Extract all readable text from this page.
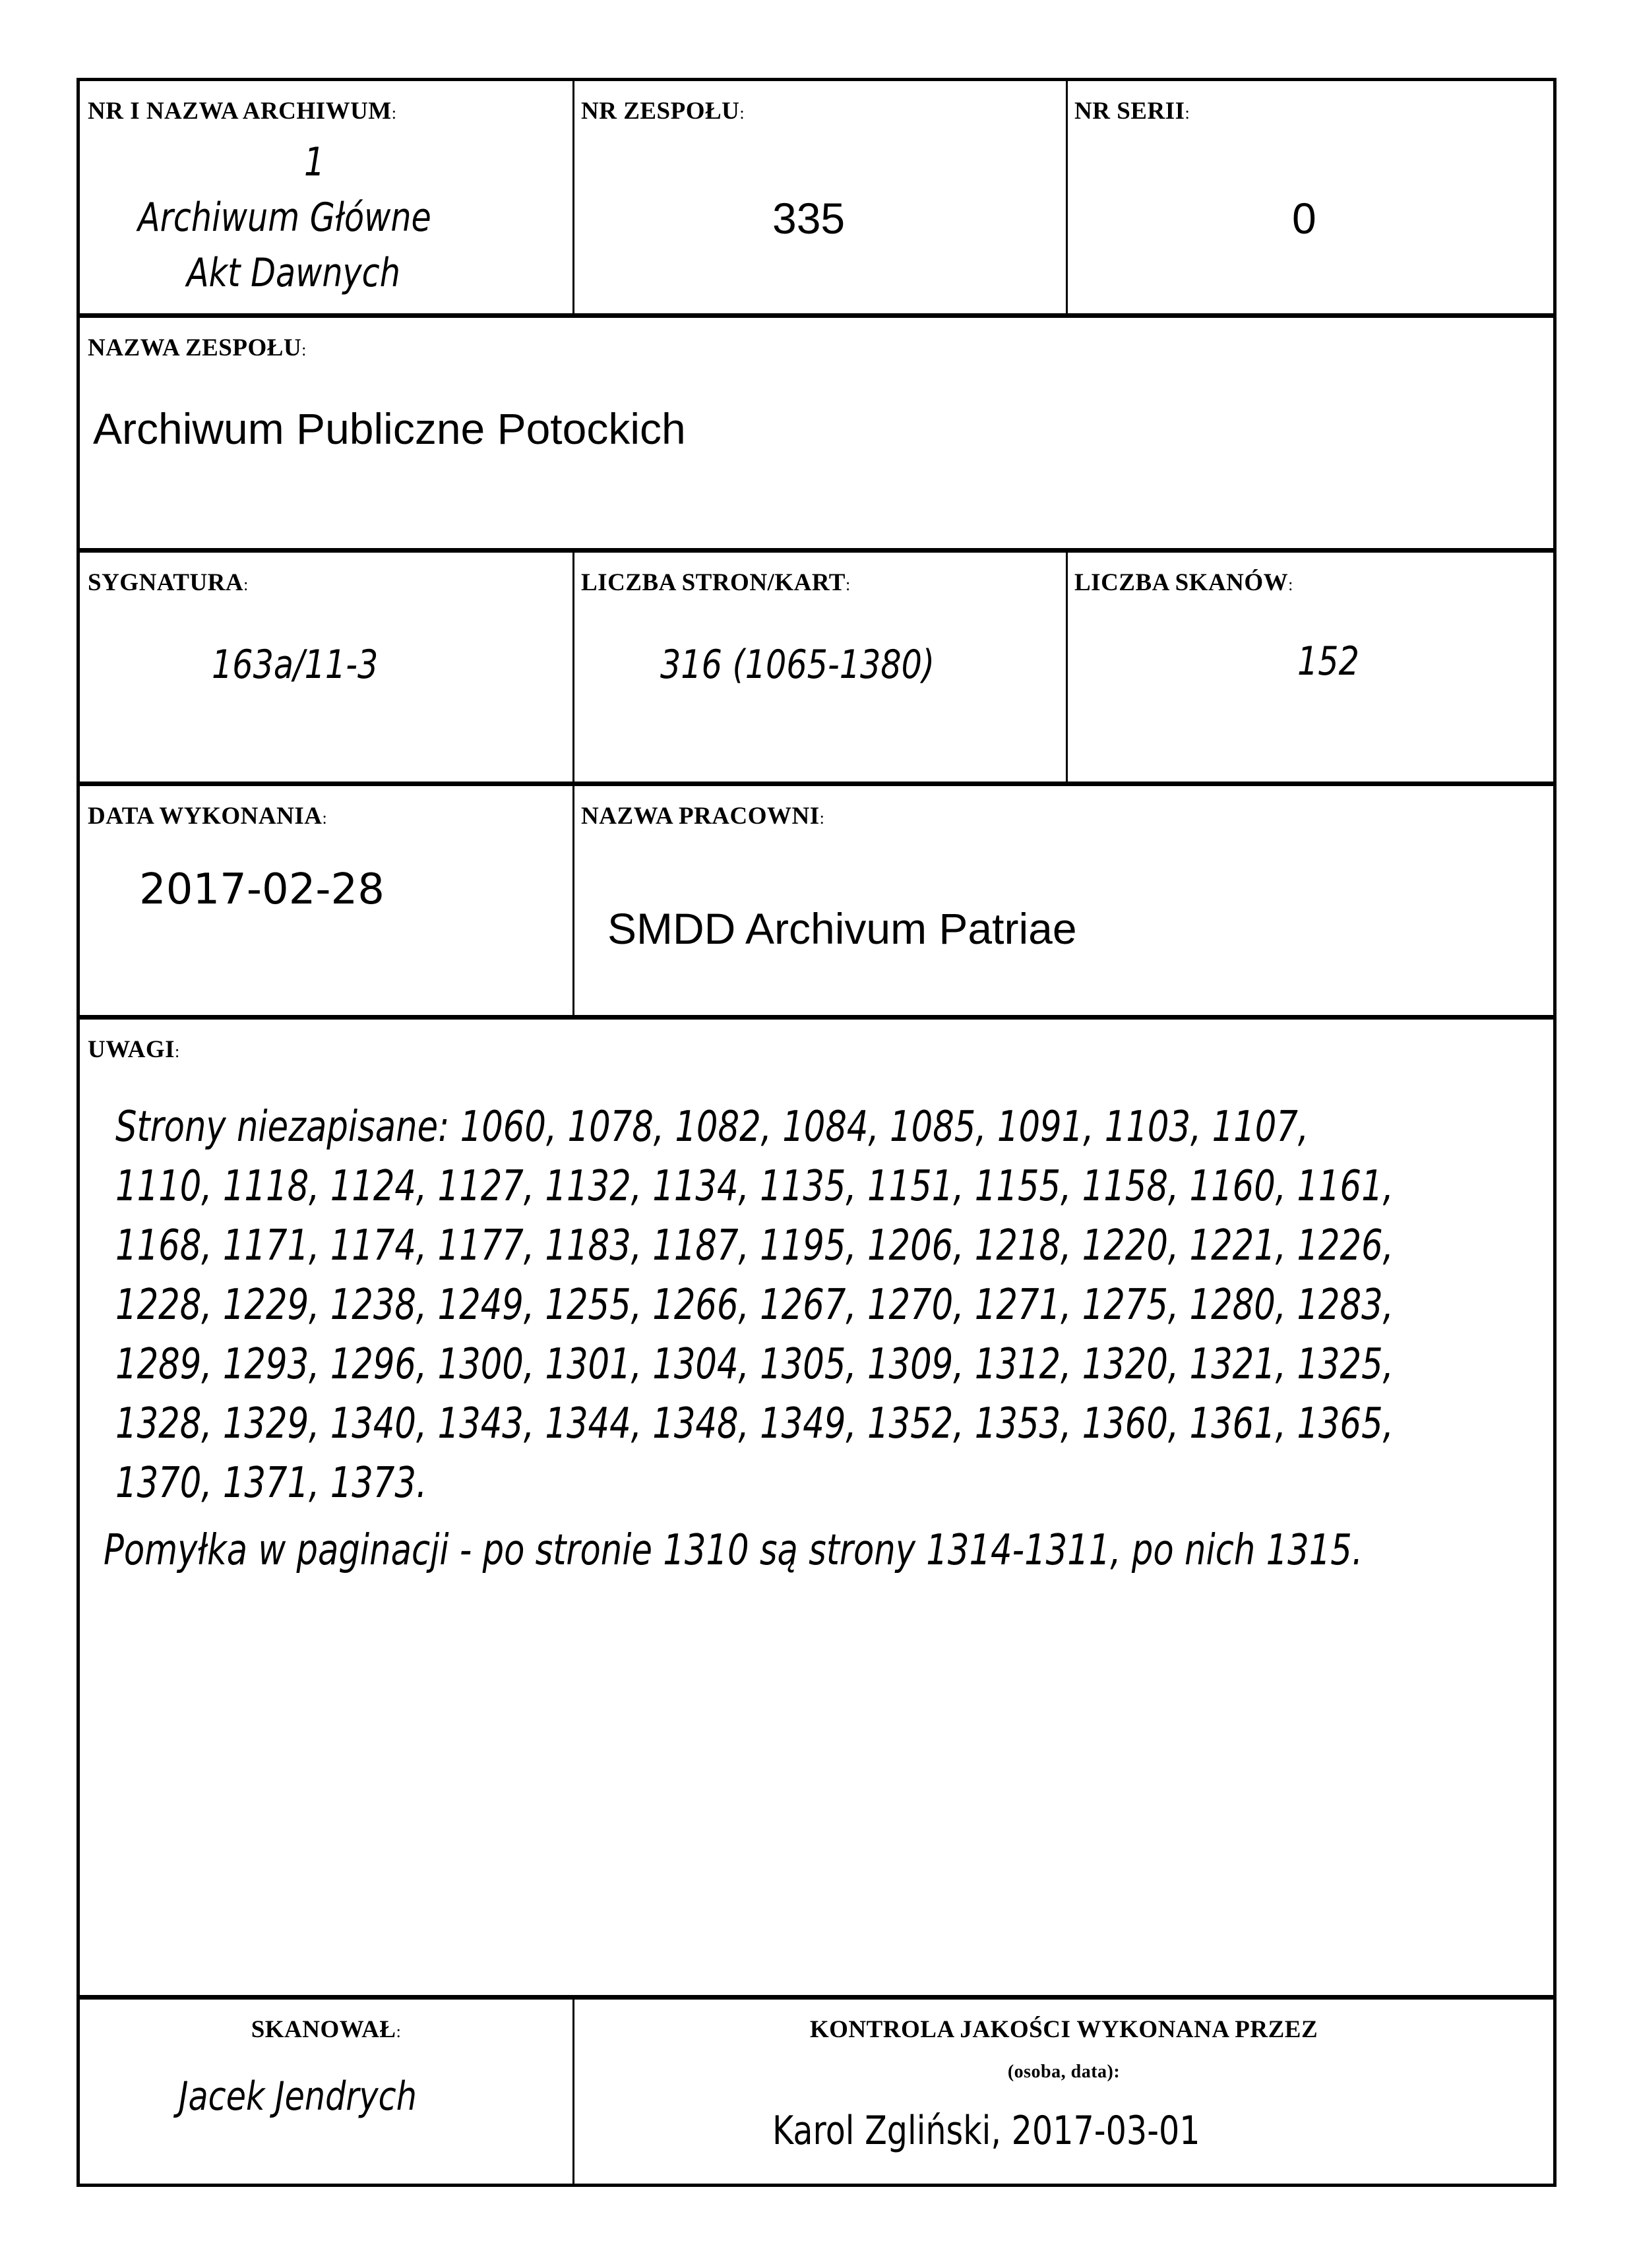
NR I NAZWA ARCHIWUM:
1
Archiwum Główne
Akt Dawnych
NR ZESPOŁU:
335
NR SERII:
0
NAZWA ZESPOŁU:
Archiwum Publiczne Potockich
SYGNATURA:
163a/11-3
LICZBA STRON/KART:
316 (1065-1380)
LICZBA SKANÓW:
152
DATA WYKONANIA:
2017-02-28
NAZWA PRACOWNI:
SMDD Archivum Patriae
UWAGI:
Strony niezapisane: 1060, 1078, 1082, 1084, 1085, 1091, 1103, 1107,
1110, 1118, 1124, 1127, 1132, 1134, 1135, 1151, 1155, 1158, 1160, 1161,
1168, 1171, 1174, 1177, 1183, 1187, 1195, 1206, 1218, 1220, 1221, 1226,
1228, 1229, 1238, 1249, 1255, 1266, 1267, 1270, 1271, 1275, 1280, 1283,
1289, 1293, 1296, 1300, 1301, 1304, 1305, 1309, 1312, 1320, 1321, 1325,
1328, 1329, 1340, 1343, 1344, 1348, 1349, 1352, 1353, 1360, 1361, 1365,
1370, 1371, 1373.
Pomyłka w paginacji - po stronie 1310 są strony 1314-1311, po nich 1315.
SKANOWAŁ:
Jacek Jendrych
KONTROLA JAKOŚCI WYKONANA PRZEZ
(osoba, data):
Karol Zgliński, 2017-03-01
